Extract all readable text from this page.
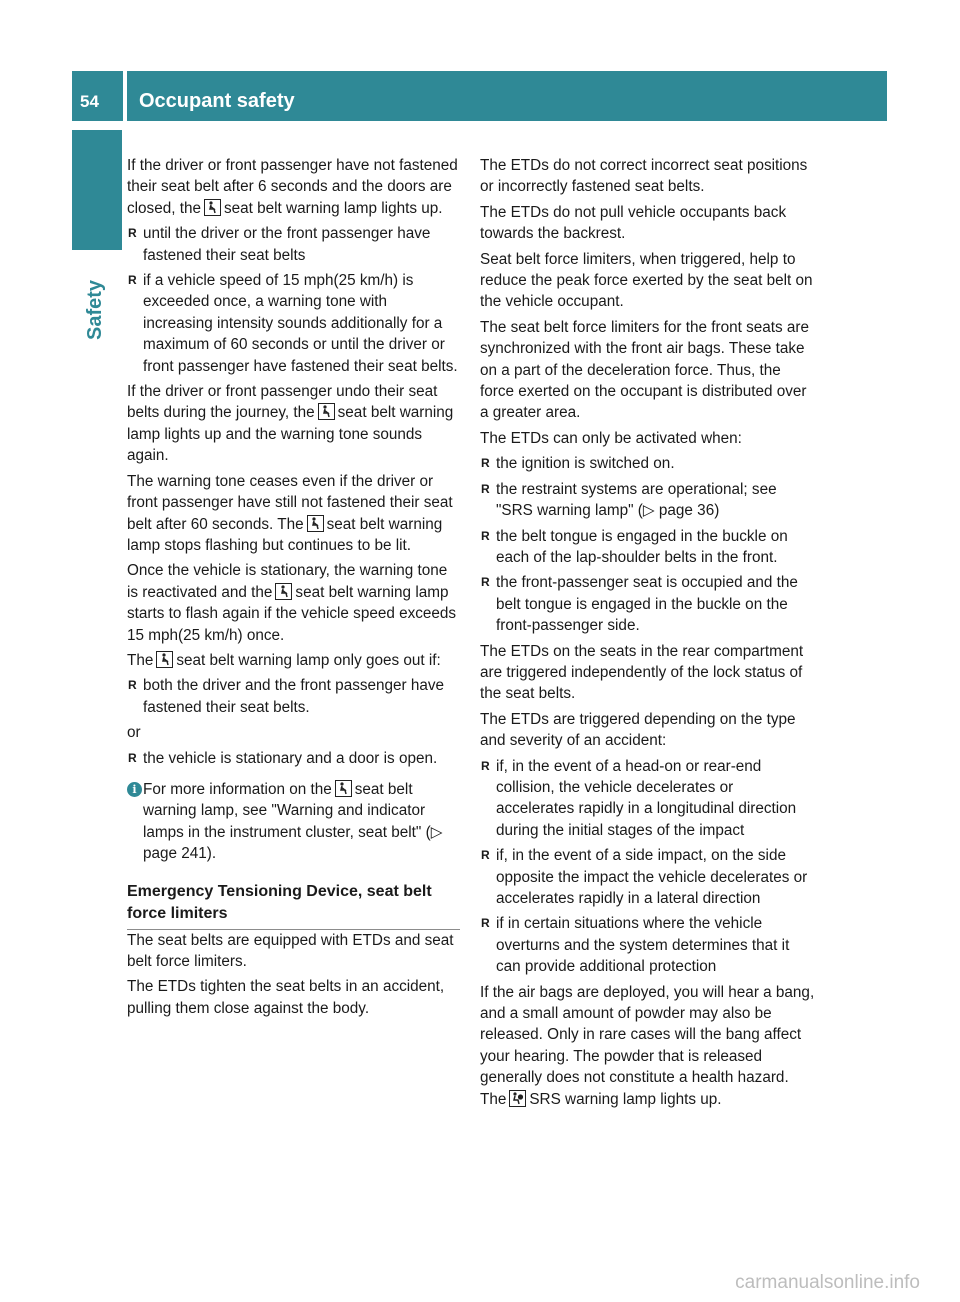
54 Occupant safety
Safety

If the driver or front passenger have not fastened their seat belt after 6 seconds and the doors are closed, the seat belt warning lamp lights up.

R until the driver or the front passenger have fastened their seat belts
R if a vehicle speed of 15 mph(25 km/h) is exceeded once, a warning tone with increasing intensity sounds additionally for a maximum of 60 seconds or until the driver or front passenger have fastened their seat belts.

If the driver or front passenger undo their seat belts during the journey, the seat belt warning lamp lights up and the warning tone sounds again.

The warning tone ceases even if the driver or front passenger have still not fastened their seat belt after 60 seconds. The seat belt warning lamp stops flashing but continues to be lit.

Once the vehicle is stationary, the warning tone is reactivated and the seat belt warning lamp starts to flash again if the vehicle speed exceeds 15 mph(25 km/h) once.

The seat belt warning lamp only goes out if:

R both the driver and the front passenger have fastened their seat belts.

or

R the vehicle is stationary and a door is open.
i For more information on the seat belt warning lamp, see "Warning and indicator lamps in the instrument cluster, seat belt" (▷ page 241).
Emergency Tensioning Device, seat belt force limiters

The seat belts are equipped with ETDs and seat belt force limiters.

The ETDs tighten the seat belts in an accident, pulling them close against the body.

The ETDs do not correct incorrect seat positions or incorrectly fastened seat belts.

The ETDs do not pull vehicle occupants back towards the backrest.

Seat belt force limiters, when triggered, help to reduce the peak force exerted by the seat belt on the vehicle occupant.

The seat belt force limiters for the front seats are synchronized with the front air bags. These take on a part of the deceleration force. Thus, the force exerted on the occupant is distributed over a greater area.

The ETDs can only be activated when:

R the ignition is switched on.
R the restraint systems are operational; see "SRS warning lamp" (▷ page 36)
R the belt tongue is engaged in the buckle on each of the lap-shoulder belts in the front.
R the front-passenger seat is occupied and the belt tongue is engaged in the buckle on the front-passenger side.

The ETDs on the seats in the rear compartment are triggered independently of the lock status of the seat belts.

The ETDs are triggered depending on the type and severity of an accident:

R if, in the event of a head-on or rear-end collision, the vehicle decelerates or accelerates rapidly in a longitudinal direction during the initial stages of the impact
R if, in the event of a side impact, on the side opposite the impact the vehicle decelerates or accelerates rapidly in a lateral direction
R if in certain situations where the vehicle overturns and the system determines that it can provide additional protection

If the air bags are deployed, you will hear a bang, and a small amount of powder may also be released. Only in rare cases will the bang affect your hearing. The powder that is released generally does not constitute a health hazard. The SRS warning lamp lights up.

carmanualsonline.info
